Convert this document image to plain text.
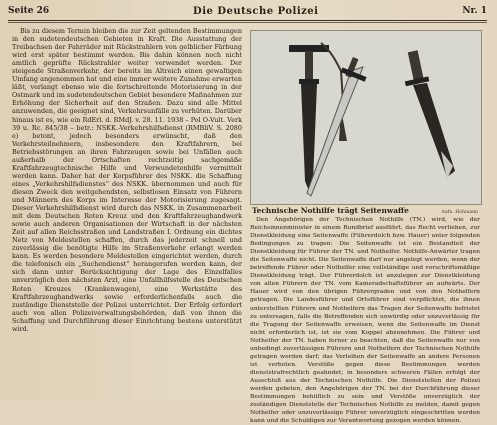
Seite 26	Die Deutsche Polizei	Nr. 1

Bis zu diesem Termin bleiben die zur Zeit geltenden Bestimmungen in den sudetendeutschen Gebieten in Kraft. Die Ausstattung der Treibachsen der Fahrräder mit Rückstrahlern von gelblicher Färbung wird erst später bestimmt werden. Bis dahin können noch nicht amtlich geprüfte Rückstrahler weiter verwendet werden. Der steigende Straßenverkehr, der bereits im Altreich einen gewaltigen Umfang angenommen hat und eine immer weitere Zunahme erwarten läßt, verlangt ebenso wie die fortschreitende Motorisierung in der Ostmark und im sudetendeutschen Gebiet besondere Maßnahmen zur Erhöhung der Sicherheit auf den Straßen. Dazu sind alle Mittel anzuwenden, die geeignet sind, Verkehrsunfälle zu verhüten. Darüber hinaus ist es, wie ein RdErl. d. RMdJ. v. 28. 11. 1938 – Pol O-Vult. Verk 39 u. Rc. 845/38 – betr.: NSKK.-Verkehrshilfsdienst (RMBliV. S. 2080 e) betont, jedoch besonders erwünscht, daß den Verkehrsteilnehmern, insbesondere den Kraftfahrern, bei Betriebsstörungen an ihren Fahrzeugen sowie bei Unfällen auch außerhalb der Ortschaften rechtzeitig sachgemäße Kraftfahrzeugtechnische Hilfe und Verwundetenhilfe vermittelt werden kann. Daher hat der Korpsführer des NSKK. die Schaffung eines „Verkehrshilfsdienstes“ des NSKK. übernommen und auch für diesen Zweck den weitgehendsten, selbstlosen Einsatz von Führern und Männern des Korps im Interesse der Motorisierung zugesagt. Dieser Verkehrshilfsdienst wird durch das NSKK. in Zusammenarbeit mit dem Deutschen Roten Kreuz und den Kraftfahrzeughandwerk sowie auch anderen Organisationen der Wirtschaft in der nächsten Zeit auf allen Reichsstraßen und Landstraßen I. Ordnung ein dichtes Netz von Meldestellen schaffen, durch das jederzeit schnell und zuverlässig die benötigte Hilfe im Straßenverkehr erlangt werden kann. Es werden besondere Meldestellen eingerichtet werden, durch die telefonisch ein „Suchendienst“ herangerufen werden kann, der sich dann unter Berücksichtigung der Lage des Einzelfalles unverzüglich den nächsten Arzt, eine Unfallhilfsstelle des Deutschen Roten Kreuzes (Krankenwagen), eine Werkstätte des Kraftfahrzeughandwerks sowie erforderlichenfalls auch die zuständige Dienststelle der Polizei unterrichtet. Der Erfolg erfordert auch von allen Polizeiverwaltungsbehörden, daß von ihnen die Schaffung und Durchführung dieser Einrichtung bestens unterstützt wird.

Technische Nothilfe trägt Seitenwaffe	Aufn. Hohmann

Den Angehörigen der Technischen Nothilfe (TN.) wird, wie der Reichsinnenminister in einem Rundbrief ausführt, das Recht verliehen, zur Dienstkleidung eine Seitenwaffe (Führerdolch bzw. Hauer) unter folgenden Bedingungen zu tragen: Die Seitenwaffe ist ein Bestandteil der Dienstkleidung für Führer der TN. und Nothelfer. Nothilfe-Anwärter tragen die Seitenwaffe nicht. Die Seitenwaffe darf nur angelegt werden, wenn der betreffende Führer oder Nothelfer eine vollständige und vorschriftsmäßige Dienstkleidung trägt. Der Führerdolch ist anzulegen zur Dienstkleidung von allen Führern der TN. vom Kameradschaftsführer an aufwärts. Der Hauer wird von den übrigen Führergraden und von den Nothelfern getragen. Die Landesführer und Ortsführer sind verpflichtet, die ihnen unterstellten Führern und Nothelfern das Tragen der Seitenwaffe befristet zu untersagen, falls die Betreffenden sich unwürdig oder unzuverlässig für die Tragung der Seitenwaffe erweisen, wenn die Seitenwaffe im Dienst nicht erforderlich ist, ist sie vom Koppel abzunehmen. Die Führer und Nothelfer der TN. haben ferner zu beachten, daß die Seitenwaffe nur von unbedingt zuverlässigen Führern und Nothelfern der Technischen Nothilfe getragen werden darf; das Verleihen der Seitenwaffe an andere Personen ist verboten. Verstöße gegen diese Bestimmungen werden dienststrafrechtlich geahndet; in besonders schweren Fällen erfolgt der Ausschluß aus der Technischen Nothilfe. Die Dienststellen der Polizei werden gebeten, den Angehörigen der TN. bei der Durchführung dieser Bestimmungen behilflich zu sein und Verstöße unverzüglich der zuständigen Dienststelle der Technischen Nothilfe zu melden, damit gegen Nothelfer oder unzuverlässige Führer unverzüglich eingeschritten werden kann und die Schuldigen zur Verantwortung gezogen werden können.
